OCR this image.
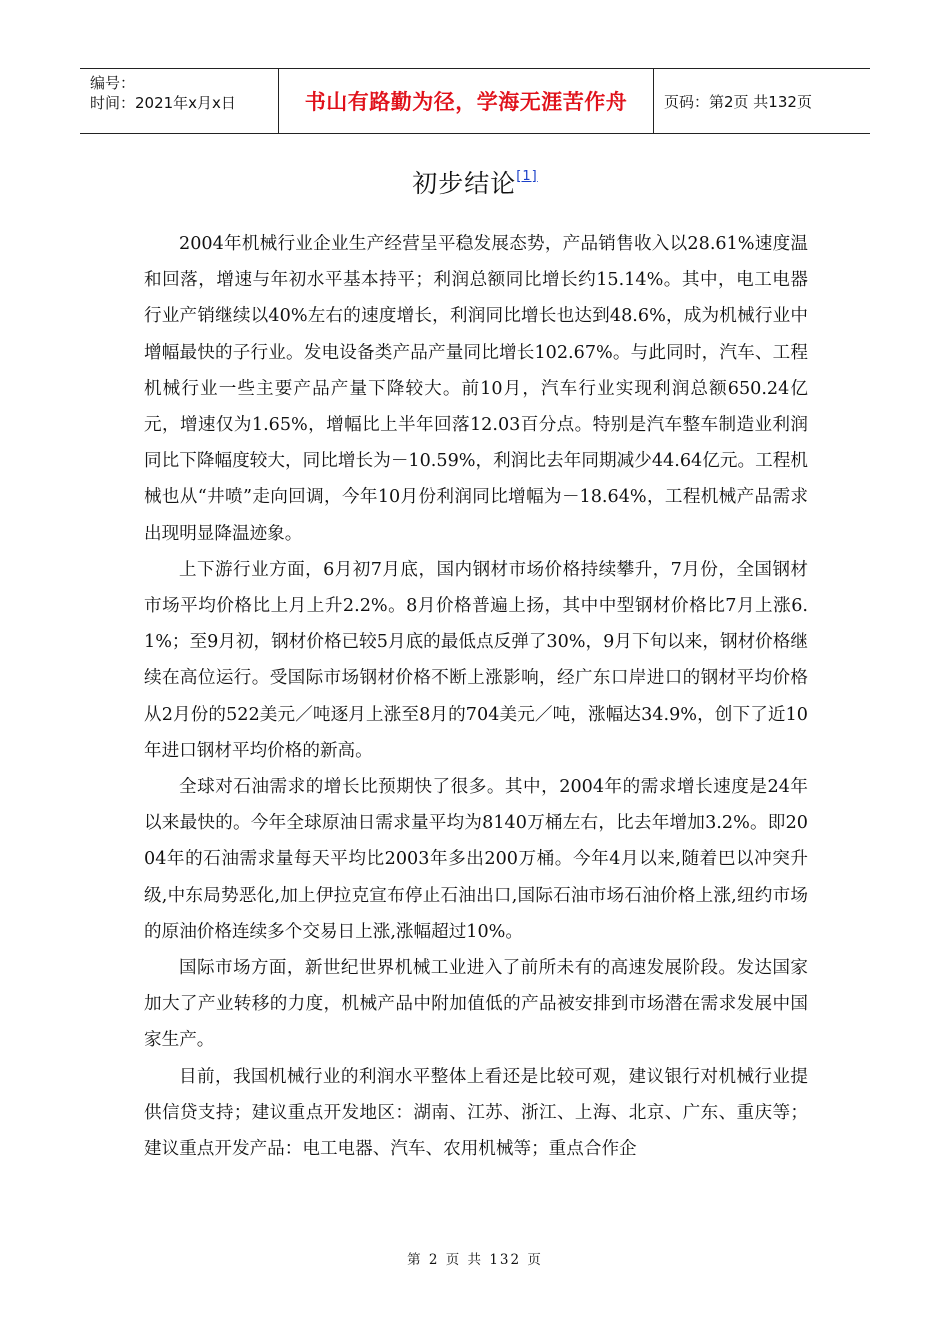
编号：
时间：2021年x月x日	书山有路勤为径，学海无涯苦作舟	页码：第2页 共132页
初步结论[1]

2004年机械行业企业生产经营呈平稳发展态势，产品销售收入以28.61%速度温和回落，增速与年初水平基本持平；利润总额同比增长约15.14%。其中，电工电器行业产销继续以40%左右的速度增长，利润同比增长也达到48.6%，成为机械行业中增幅最快的子行业。发电设备类产品产量同比增长102.67%。与此同时，汽车、工程机械行业一些主要产品产量下降较大。前10月，汽车行业实现利润总额650.24亿元，增速仅为1.65%，增幅比上半年回落12.03百分点。特别是汽车整车制造业利润同比下降幅度较大，同比增长为－10.59%，利润比去年同期减少44.64亿元。工程机械也从“井喷”走向回调，今年10月份利润同比增幅为－18.64%，工程机械产品需求出现明显降温迹象。

上下游行业方面，6月初7月底，国内钢材市场价格持续攀升，7月份，全国钢材市场平均价格比上月上升2.2%。8月价格普遍上扬，其中中型钢材价格比7月上涨6.1%；至9月初，钢材价格已较5月底的最低点反弹了30%，9月下旬以来，钢材价格继续在高位运行。受国际市场钢材价格不断上涨影响，经广东口岸进口的钢材平均价格从2月份的522美元／吨逐月上涨至8月的704美元／吨，涨幅达34.9%，创下了近10年进口钢材平均价格的新高。

全球对石油需求的增长比预期快了很多。其中，2004年的需求增长速度是24年以来最快的。今年全球原油日需求量平均为8140万桶左右，比去年增加3.2%。即2004年的石油需求量每天平均比2003年多出200万桶。今年4月以来,随着巴以冲突升级,中东局势恶化,加上伊拉克宣布停止石油出口,国际石油市场石油价格上涨,纽约市场的原油价格连续多个交易日上涨,涨幅超过10%。

国际市场方面，新世纪世界机械工业进入了前所未有的高速发展阶段。发达国家加大了产业转移的力度，机械产品中附加值低的产品被安排到市场潜在需求发展中国家生产。

目前，我国机械行业的利润水平整体上看还是比较可观，建议银行对机械行业提供信贷支持；建议重点开发地区：湖南、江苏、浙江、上海、北京、广东、重庆等；建议重点开发产品：电工电器、汽车、农用机械等；重点合作企

第 2 页 共 132 页
